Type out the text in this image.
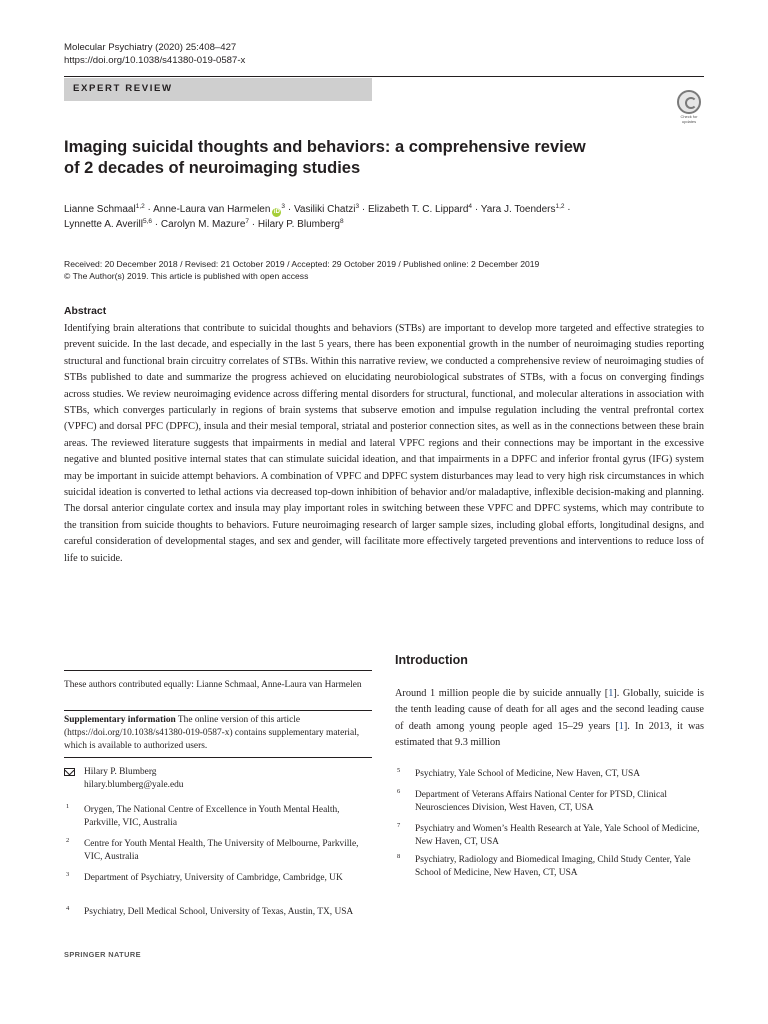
Molecular Psychiatry (2020) 25:408–427
https://doi.org/10.1038/s41380-019-0587-x
EXPERT REVIEW
Check for updates
Imaging suicidal thoughts and behaviors: a comprehensive review
of 2 decades of neuroimaging studies
Lianne Schmaal$^{1,2}$ · Anne-Laura van Harmelen $iD^3$ · Vasiliki Chatzi$^3$ · Elizabeth T. C. Lippard$^4$ · Yara J. Toenders$^{1,2}$ ·
Lynnette A. Averill$^{5,6}$ · Carolyn M. Mazure$^7$ · Hilary P. Blumberg$^8$
Received: 20 December 2018 / Revised: 21 October 2019 / Accepted: 29 October 2019 / Published online: 2 December 2019
© The Author(s) 2019. This article is published with open access
Abstract
Identifying brain alterations that contribute to suicidal thoughts and behaviors (STBs) are important to develop more targeted and effective strategies to prevent suicide. In the last decade, and especially in the last 5 years, there has been exponential growth in the number of neuroimaging studies reporting structural and functional brain circuitry correlates of STBs. Within this narrative review, we conducted a comprehensive review of neuroimaging studies of STBs published to date and summarize the progress achieved on elucidating neurobiological substrates of STBs, with a focus on converging findings across studies. We review neuroimaging evidence across differing mental disorders for structural, functional, and molecular alterations in association with STBs, which converges particularly in regions of brain systems that subserve emotion and impulse regulation including the ventral prefrontal cortex (VPFC) and dorsal PFC (DPFC), insula and their mesial temporal, striatal and posterior connection sites, as well as in the connections between these brain areas. The reviewed literature suggests that impairments in medial and lateral VPFC regions and their connections may be important in the excessive negative and blunted positive internal states that can stimulate suicidal ideation, and that impairments in a DPFC and inferior frontal gyrus (IFG) system may be important in suicide attempt behaviors. A combination of VPFC and DPFC system disturbances may lead to very high risk circumstances in which suicidal ideation is converted to lethal actions via decreased top-down inhibition of behavior and/or maladaptive, inflexible decision-making and planning. The dorsal anterior cingulate cortex and insula may play important roles in switching between these VPFC and DPFC systems, which may contribute to the transition from suicide thoughts to behaviors. Future neuroimaging research of larger sample sizes, including global efforts, longitudinal designs, and careful consideration of developmental stages, and sex and gender, will facilitate more effectively targeted preventions and interventions to reduce loss of life to suicide.
These authors contributed equally: Lianne Schmaal, Anne-Laura van Harmelen
Supplementary information The online version of this article (https://doi.org/10.1038/s41380-019-0587-x) contains supplementary material, which is available to authorized users.
Hilary P. Blumberg
hilary.blumberg@yale.edu
1 Orygen, The National Centre of Excellence in Youth Mental Health, Parkville, VIC, Australia
2 Centre for Youth Mental Health, The University of Melbourne, Parkville, VIC, Australia
3 Department of Psychiatry, University of Cambridge, Cambridge, UK
4 Psychiatry, Dell Medical School, University of Texas, Austin, TX, USA
Introduction
Around 1 million people die by suicide annually [1]. Globally, suicide is the tenth leading cause of death for all ages and the second leading cause of death among young people aged 15–29 years [1]. In 2013, it was estimated that 9.3 million
5 Psychiatry, Yale School of Medicine, New Haven, CT, USA
6 Department of Veterans Affairs National Center for PTSD, Clinical Neurosciences Division, West Haven, CT, USA
7 Psychiatry and Women’s Health Research at Yale, Yale School of Medicine, New Haven, CT, USA
8 Psychiatry, Radiology and Biomedical Imaging, Child Study Center, Yale School of Medicine, New Haven, CT, USA
SPRINGER NATURE
